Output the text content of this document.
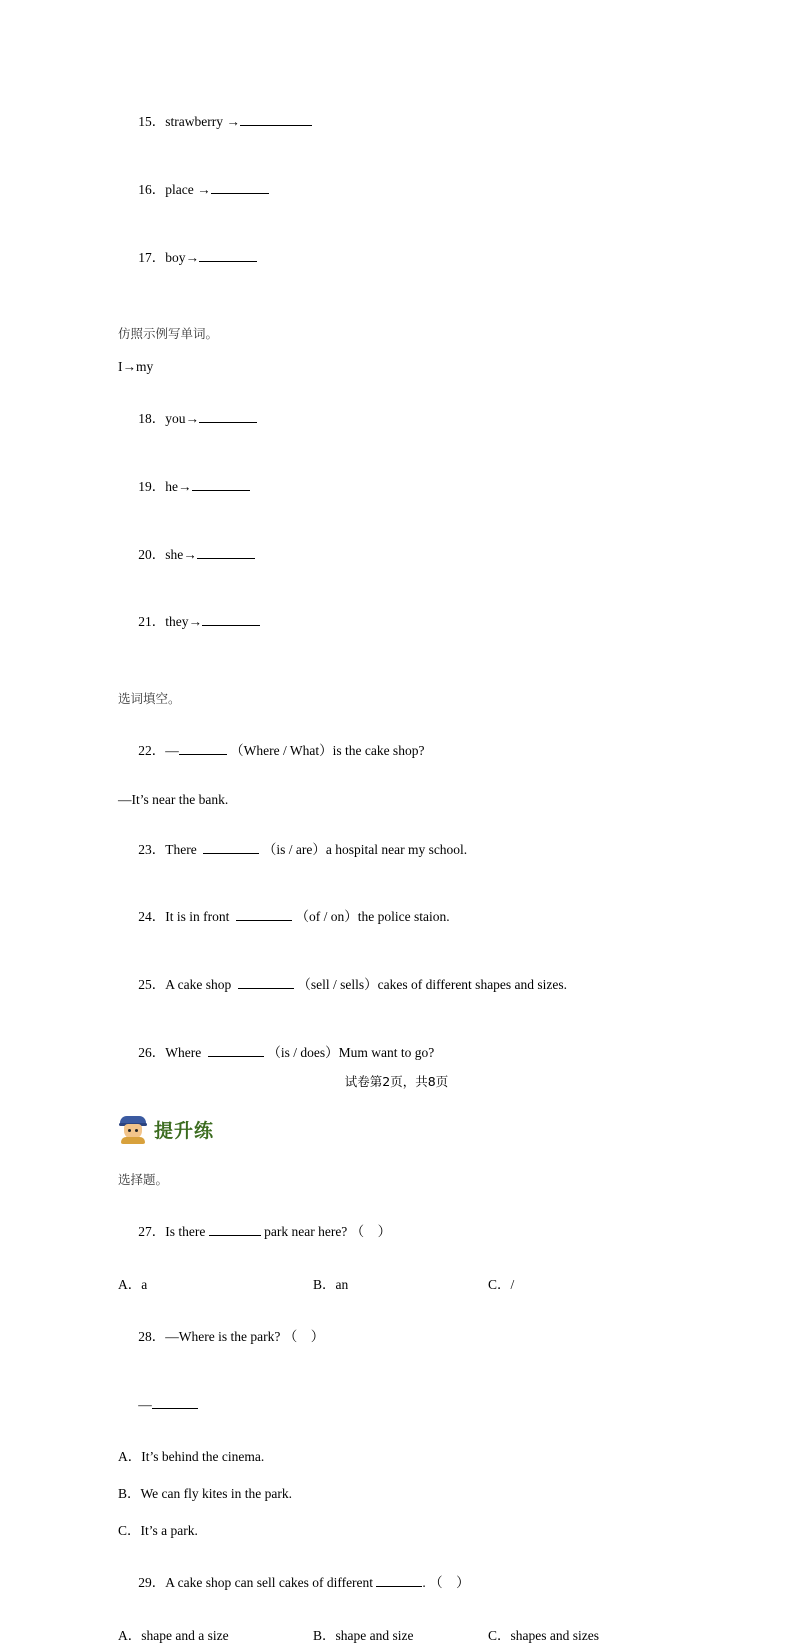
15．strawberry →

16．place →

17．boy→

仿照示例写单词。
I→my

18．you→

19．he→

20．she→

21．they→

选词填空。

22．—	（Where / What）is the cake shop?

—It’s near the bank.

23．There	（is / are）a hospital near my school.

24．It is in front	（of / on）the police staion.

25．A cake shop	（sell / sells）cakes of different shapes and sizes.

26．Where	（is / does）Mum want to go?

提升练
选择题。

27．Is there	park near here? （    ）

A．a	B．an	C．/

28．—Where is the park? （    ）

—

A．It’s behind the cinema.
B．We can fly kites in the park.
C．It’s a park.

29．A cake shop can sell cakes of different	. （    ）

A．shape and a size	B．shape and size	C．shapes and sizes
试卷第2页，共8页
